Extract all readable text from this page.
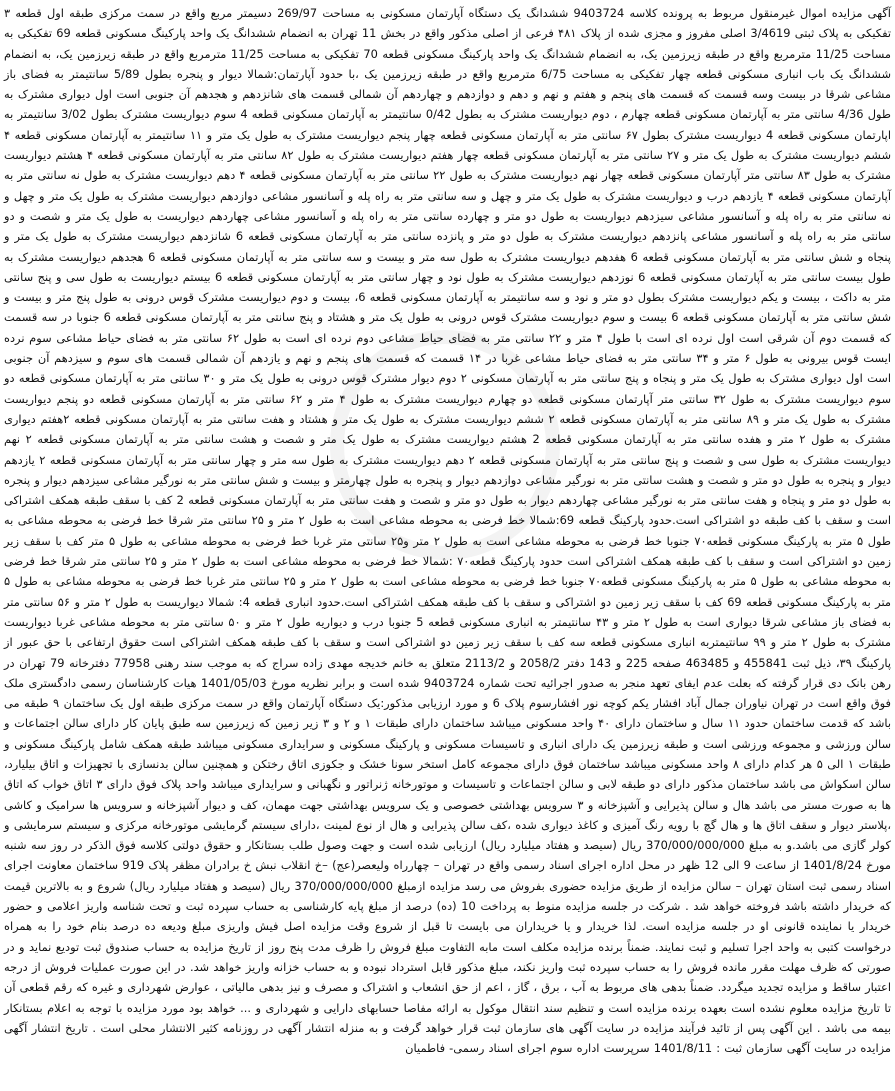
آگهی مزایده اموال غیرمنقول مربوط به پرونده کلاسه 9403724 ششدانگ یک دستگاه آپارتمان مسکونی به مساحت 269/97 دسیمتر مربع واقع در سمت مرکزی طبقه اول قطعه ۳ تفکیکی به پلاک ثبتی 3/4619 اصلی مفروز و مجزی شده از پلاک ۴۸۱ فرعی از اصلی مذکور واقع در بخش 11 تهران به انضمام ششدانگ یک واحد پارکینگ مسکونی قطعه 69 تفکیکی به مساحت 11/25 مترمربع واقع در طبقه زیرزمین یک، به انضمام ششدانگ یک واحد پارکینگ مسکونی قطعه 70 تفکیکی به مساحت 11/25 مترمربع واقع در طبقه زیرزمین یک، به انضمام ششدانگ یک باب انباری مسکونی قطعه چهار تفکیکی به مساحت 6/75 مترمربع واقع در طبقه زیرزمین یک ،با حدود آپارتمان:شمالا دیوار و پنجره بطول 5/89 سانتیمتر به فضای باز مشاعی شرقا در بیست وسه قسمت که قسمت های پنجم و هفتم و نهم و دهم و دوازدهم و چهاردهم آن شمالی قسمت های شانزدهم و هجدهم آن جنوبی است اول دیواری مشترک به طول 4/36 سانتی متر به آپارتمان مسکونی قطعه چهارم ، دوم دیواریست مشترک به بطول 0/42 سانتیمتر به آپارتمان مسکونی قطعه 4 سوم دیواریست مشترک بطول 3/02 سانتیمتر به اپارتمان مسکونی قطعه 4 دیواریست مشترک بطول ۶۷ سانتی متر به آپارتمان مسکونی قطعه چهار پنجم دیواریست مشترک به طول یک متر و ۱۱ سانتیمتر به آپارتمان مسکونی قطعه ۴ ششم دیواریست مشترک به طول یک متر و ۲۷ سانتی متر به آپارتمان مسکونی قطعه چهار هفتم دیواریست مشترک به طول ۸۲ سانتی متر به آپارتمان مسکونی قطعه ۴ هشتم دیواریست مشترک به طول ۸۳ سانتی متر آپارتمان مسکونی قطعه چهار نهم دیواریست مشترک به طول ۲۲ سانتی متر به آپارتمان مسکونی قطعه ۴ دهم دیواریست مشترک به طول نه سانتی متر به آپارتمان مسکونی قطعه ۴ یازدهم درب و دیواریست مشترک به طول یک متر و چهل و سه سانتی متر به راه پله و آسانسور مشاعی دوازدهم دیواریست مشترک به طول یک متر و چهل و نه سانتی متر به راه پله و آسانسور مشاعی سیزدهم دیواریست به طول دو متر و چهارده سانتی متر به راه پله و آسانسور مشاعی چهاردهم دیواریست به طول یک متر و شصت و دو سانتی متر به راه پله و آسانسور مشاعی پانزدهم دیواریست مشترک به طول دو متر و پانزده سانتی متر به آپارتمان مسکونی قطعه 6 شانزدهم دیواریست مشترک به طول یک متر و پنجاه و شش سانتی متر به آپارتمان مسکونی قطعه 6 هفدهم دیواریست مشترک به طول سه متر و بیست و سه سانتی متر به آپارتمان مسکونی قطعه 6 هجدهم دیواریست مشترک به طول بیست سانتی متر به آپارتمان مسکونی قطعه 6 نوزدهم دیواریست مشترک به طول نود و چهار سانتی متر به آپارتمان مسکونی قطعه 6 بیستم دیواریست به طول سی و پنج سانتی متر به داکت ، بیست و یکم دیواریست مشترک بطول دو متر و نود و سه سانتیمتر به آپارتمان مسکونی قطعه 6، بیست و دوم دیواریست مشترک قوس درونی به طول پنج متر و بیست و شش سانتی متر به آپارتمان مسکونی قطعه 6 بیست و سوم دیواریست مشترک قوس درونی به طول یک متر و هشتاد و پنج سانتی متر به آپارتمان مسکونی قطعه 6 جنوبا در سه قسمت که قسمت دوم آن شرقی است اول نرده ای است با طول ۴ متر و ۲۲ سانتی متر به فضای حیاط مشاعی دوم نرده ای است به طول ۶۲ سانتی متر به فضای حیاط مشاعی سوم نرده ایست قوس بیرونی به طول ۶ متر و ۳۴ سانتی متر به فضای حیاط مشاعی غربا در ۱۴ قسمت که قسمت های پنجم و نهم و یازدهم آن شمالی قسمت های سوم و سیزدهم آن جنوبی است اول دیواری مشترک به طول یک متر و پنجاه و پنج سانتی متر به آپارتمان مسکونی ۲ دوم دیوار مشترک قوس درونی به طول یک متر و ۳۰ سانتی متر به آپارتمان مسکونی قطعه دو سوم دیواریست مشترک به طول ۳۲ سانتی متر آپارتمان مسکونی قطعه دو چهارم دیواریست مشترک به طول ۴ متر و ۶۲ سانتی متر به آپارتمان مسکونی قطعه دو پنجم دیواریست مشترک به طول یک متر و ۸۹ سانتی متر به آپارتمان مسکونی قطعه ۲ ششم دیواریست مشترک به طول یک متر و هشتاد و هفت سانتی متر به آپارتمان مسکونی قطعه ۲هفتم دیواری مشترک به طول ۲ متر و هفده سانتی متر به آپارتمان مسکونی قطعه 2 هشتم دیواریست مشترک به طول یک متر و شصت و هشت سانتی متر به آپارتمان مسکونی قطعه ۲ نهم دیواریست مشترک به طول سی و شصت و پنج سانتی متر به آپارتمان مسکونی قطعه ۲ دهم دیواریست مشترک به طول سه متر و چهار سانتی متر به آپارتمان مسکونی قطعه ۲ یازدهم دیوار و پنجره به طول دو متر و شصت و هشت سانتی متر به نورگیر مشاعی دوازدهم دیوار و پنجره به طول چهارمتر و بیست و شش سانتی متر به نورگیر مشاعی سیزدهم دیوار و پنجره به طول دو متر و پنجاه و هفت سانتی متر به نورگیر مشاعی چهاردهم دیوار به طول دو متر و شصت و هفت سانتی متر به آپارتمان مسکونی قطعه 2 کف با سقف طبقه همکف اشتراکی است و سقف با کف طبقه دو اشتراکی است.حدود پارکینگ قطعه 69:شمالا خط فرضی به محوطه مشاعی است به طول ۲ متر و ۲۵ سانتی متر شرقا خط فرضی به محوطه مشاعی به طول ۵ متر به پارکینگ مسکونی قطعه۷۰ جنوبا خط فرضی به محوطه مشاعی است به طول ۲ متر و۲۵ سانتی متر غربا خط فرضی به محوطه مشاعی به طول ۵ متر کف با سقف زیر زمین دو اشتراکی است و سقف با کف طبقه همکف اشتراکی است حدود پارکینگ قطعه۷۰ :شمالا خط فرضی به محوطه مشاعی است به طول ۲ متر و ۲۵ سانتی متر شرقا خط فرضی به محوطه مشاعی به طول ۵ متر به پارکینگ مسکونی قطعه۷۰ جنوبا خط فرضی به محوطه مشاعی است به طول ۲ متر و ۲۵ سانتی متر غربا خط فرضی به محوطه مشاعی به طول ۵ متر به پارکینگ مسکونی قطعه 69 کف با سقف زیر زمین دو اشتراکی و سقف با کف طبقه همکف اشتراکی است.حدود انباری قطعه 4: شمالا دیواریست به طول ۲ متر و ۵۶ سانتی متر به فضای باز مشاعی شرقا دیواری است به طول ۲ متر و ۴۳ سانتیمتر به انباری مسکونی قطعه 5 جنوبا درب و دیواریه طول ۲ متر و ۵۰ سانتی متر به محوطه مشاعی غربا دیواریست مشترک به طول ۲ متر و ۹۹ سانتیمتربه انباری مسکونی قطعه سه کف با سقف زیر زمین دو اشتراکی است و سقف با کف طبقه همکف اشتراکی است حقوق ارتفاعی با حق عبور از پارکینگ ۳۹، ذیل ثبت 455841 و 463485 صفحه 225 و 143 دفتر 2058/2 و 2113/2 متعلق به خانم خدیجه مهدی زاده سراج که به موجب سند رهنی 77958 دفترخانه 79 تهران در رهن بانک دی قرار گرفته که بعلت عدم ایفای تعهد منجر به صدور اجرائیه تحت شماره 9403724 شده است و برابر نظریه مورخ 1401/05/03 هیات کارشناسان رسمی دادگستری ملک فوق واقع است در تهران نیاوران جمال آباد افشار یکم کوچه نور افشارسوم پلاک 6 و مورد ارزیابی مذکور:یک دستگاه آپارتمان واقع در سمت مرکزی طبقه اول یک ساختمان ۹ طبقه می باشد که قدمت ساختمان حدود ۱۱ سال و ساختمان دارای ۴۰ واحد مسکونی میباشد ساختمان دارای طبقات ۱ و ۲ و ۳ زیر زمین که زیرزمین سه طبق پایان کار دارای سالن اجتماعات و سالن ورزشی و مجموعه ورزشی است و طبقه زیرزمین یک دارای انباری و تاسیسات مسکونی و پارکینگ مسکونی و سرایداری مسکونی میباشد طبقه همکف شامل پارکینگ مسکونی و طبقات ۱ الی ۵ هر کدام دارای ۸ واحد مسکونی میباشد ساختمان فوق دارای مجموعه کامل استخر سونا خشک و جکوزی اتاق رختکن و همچنین سالن بدنسازی با تجهیزات و اتاق بیلیارد، سالن اسکواش می باشد ساختمان مذکور دارای دو طبقه لابی و سالن اجتماعات و تاسیسات و موتورخانه ژنراتور و نگهبانی و سرایداری میباشد واحد پلاک فوق دارای ۳ اتاق خواب که اتاق ها به صورت مستر می باشد هال و سالن پذیرایی و آشپزخانه و ۳ سرویس بهداشتی خصوصی و یک سرویس بهداشتی جهت مهمان، کف و دیوار آشپزخانه و سرویس ها سرامیک و کاشی ،پلاستر دیوار و سقف اتاق ها و هال گچ با رویه رنگ آمیزی و کاغذ دیواری شده ،کف سالن پذیرایی و هال از نوع لمینت ،دارای سیستم گرمایشی موتورخانه مرکزی و سیستم سرمایشی و کولر گازی می باشد.و به مبلغ 370/000/000/000 ریال (سیصد و هفتاد میلیارد ریال) ارزیابی شده است و جهت وصول طلب بستانکار و حقوق دولتی کلاسه فوق الذکر در روز سه شنبه مورخ 1401/8/24 از ساعت 9 الی 12 ظهر در محل اداره اجرای اسناد رسمی واقع در تهران – چهارراه ولیعصر(عج) –خ انقلاب نبش خ برادران مظفر پلاک 919 ساختمان معاونت اجرای اسناد رسمی ثبت استان تهران – سالن مزایده از طریق مزایده حضوری بفروش می رسد مزایده ازمبلغ 370/000/000/000 ریال (سیصد و هفتاد میلیارد ریال) شروع و به بالاترین قیمت که خریدار داشته باشد فروخته خواهد شد . شرکت در جلسه مزایده منوط به پرداخت 10 (ده) درصد از مبلغ پایه کارشناسی به حساب سپرده ثبت و تحت شناسه واریز اعلامی و حضور خریدار یا نماینده قانونی او در جلسه مزایده است. لذا خریدار و یا خریداران می بایست تا قبل از شروع وقت مزایده اصل فیش واریزی مبلغ ودیعه ده درصد بنام خود را به همراه درخواست کتبی به واحد اجرا تسلیم و ثبت نمایند. ضمناً برنده مزایده مکلف است مابه التفاوت مبلغ فروش را ظرف مدت پنج روز از تاریخ مزایده به حساب صندوق ثبت تودیع نماید و در صورتی که ظرف مهلت مقرر مانده فروش را به حساب سپرده ثبت واریز نکند، مبلغ مذکور قابل استرداد نبوده و به حساب خزانه واریز خواهد شد. در این صورت عملیات فروش از درجه اعتبار ساقط و مزایده تجدید میگردد. ضمناً بدهی های مربوط به آب ، برق ، گاز ، اعم از حق انشعاب و اشتراک و مصرف و نیز بدهی مالیاتی ، عوارض شهرداری و غیره که رقم قطعی آن تا تاریخ مزایده معلوم نشده است بعهده برنده مزایده است و تنظیم سند انتقال موکول به ارائه مفاصا حسابهای دارایی و شهرداری و ... خواهد بود مورد مزایده با توجه به اعلام بستانکار بیمه می باشد . این آگهی پس از تائید فرآیند مزایده در سایت آگهی های سازمان ثبت قرار خواهد گرفت و به منزله انتشار آگهی در روزنامه کثیر الانتشار محلی است . تاریخ انتشار آگهی مزایده در سایت آگهی سازمان ثبت : 1401/8/11 سرپرست اداره سوم اجرای اسناد رسمی- فاطمیان
